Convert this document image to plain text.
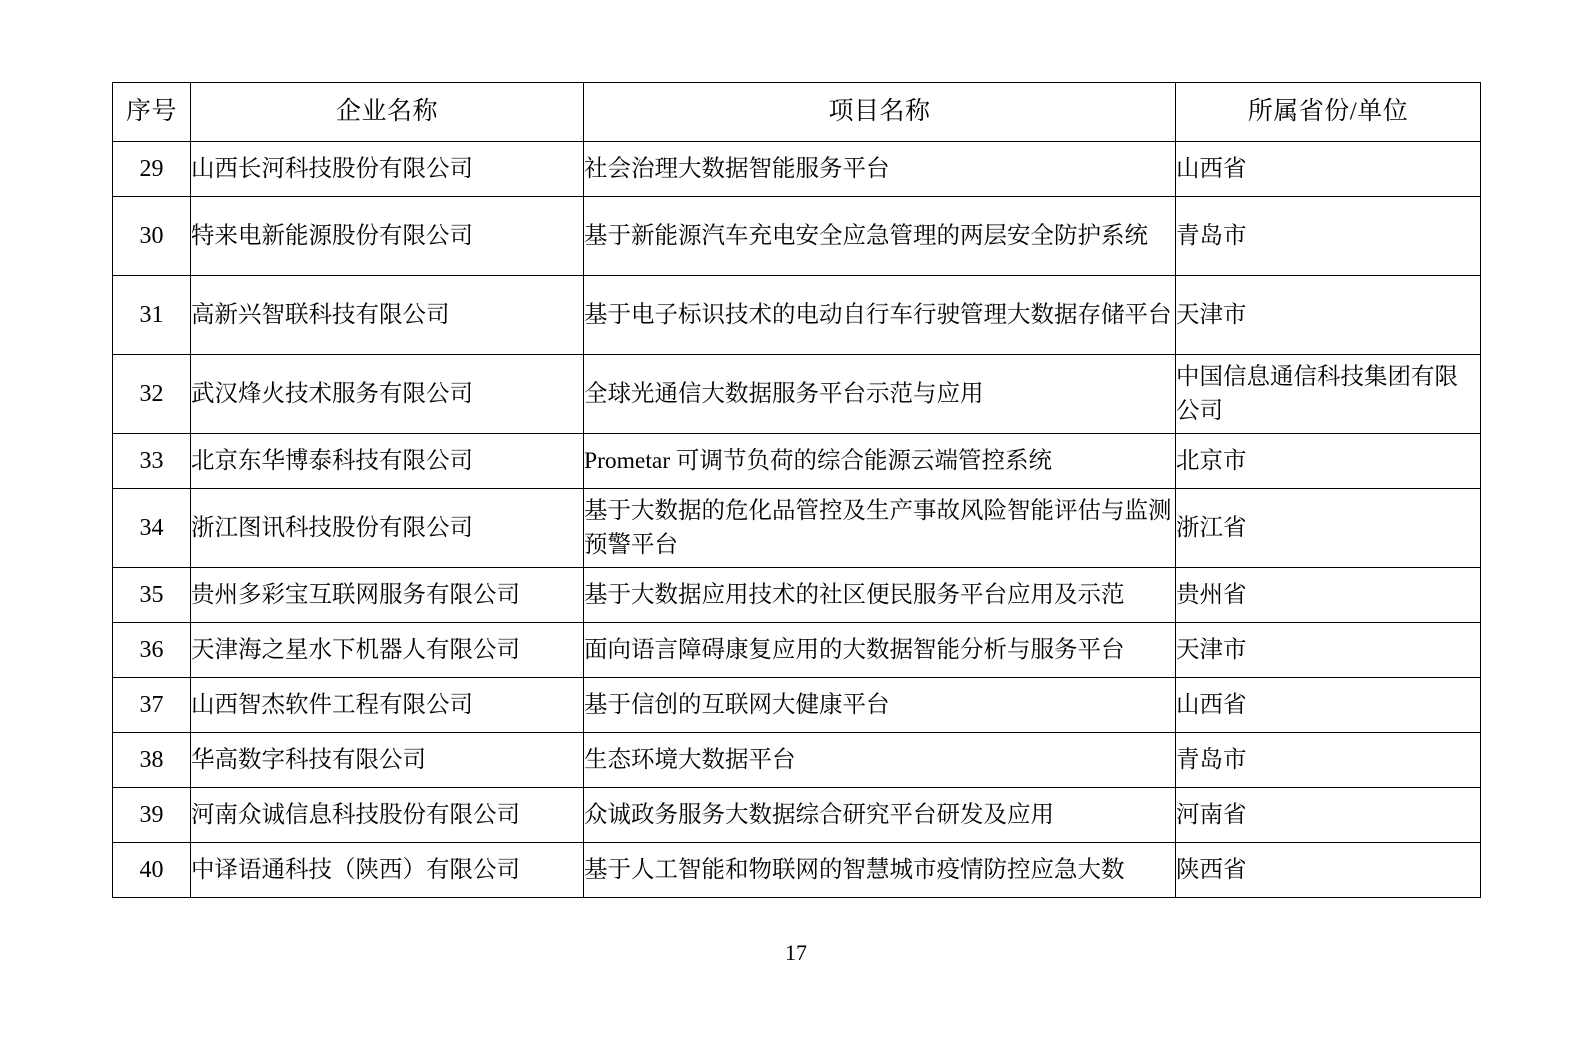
序号	企业名称	项目名称	所属省份/单位
29	山西长河科技股份有限公司	社会治理大数据智能服务平台	山西省
30	特来电新能源股份有限公司	基于新能源汽车充电安全应急管理的两层安全防护系统	青岛市
31	高新兴智联科技有限公司	基于电子标识技术的电动自行车行驶管理大数据存储平台	天津市
32	武汉烽火技术服务有限公司	全球光通信大数据服务平台示范与应用	中国信息通信科技集团有限公司
33	北京东华博泰科技有限公司	Prometar 可调节负荷的综合能源云端管控系统	北京市
34	浙江图讯科技股份有限公司	基于大数据的危化品管控及生产事故风险智能评估与监测预警平台	浙江省
35	贵州多彩宝互联网服务有限公司	基于大数据应用技术的社区便民服务平台应用及示范	贵州省
36	天津海之星水下机器人有限公司	面向语言障碍康复应用的大数据智能分析与服务平台	天津市
37	山西智杰软件工程有限公司	基于信创的互联网大健康平台	山西省
38	华高数字科技有限公司	生态环境大数据平台	青岛市
39	河南众诚信息科技股份有限公司	众诚政务服务大数据综合研究平台研发及应用	河南省
40	中译语通科技（陕西）有限公司	基于人工智能和物联网的智慧城市疫情防控应急大数	陕西省
17
